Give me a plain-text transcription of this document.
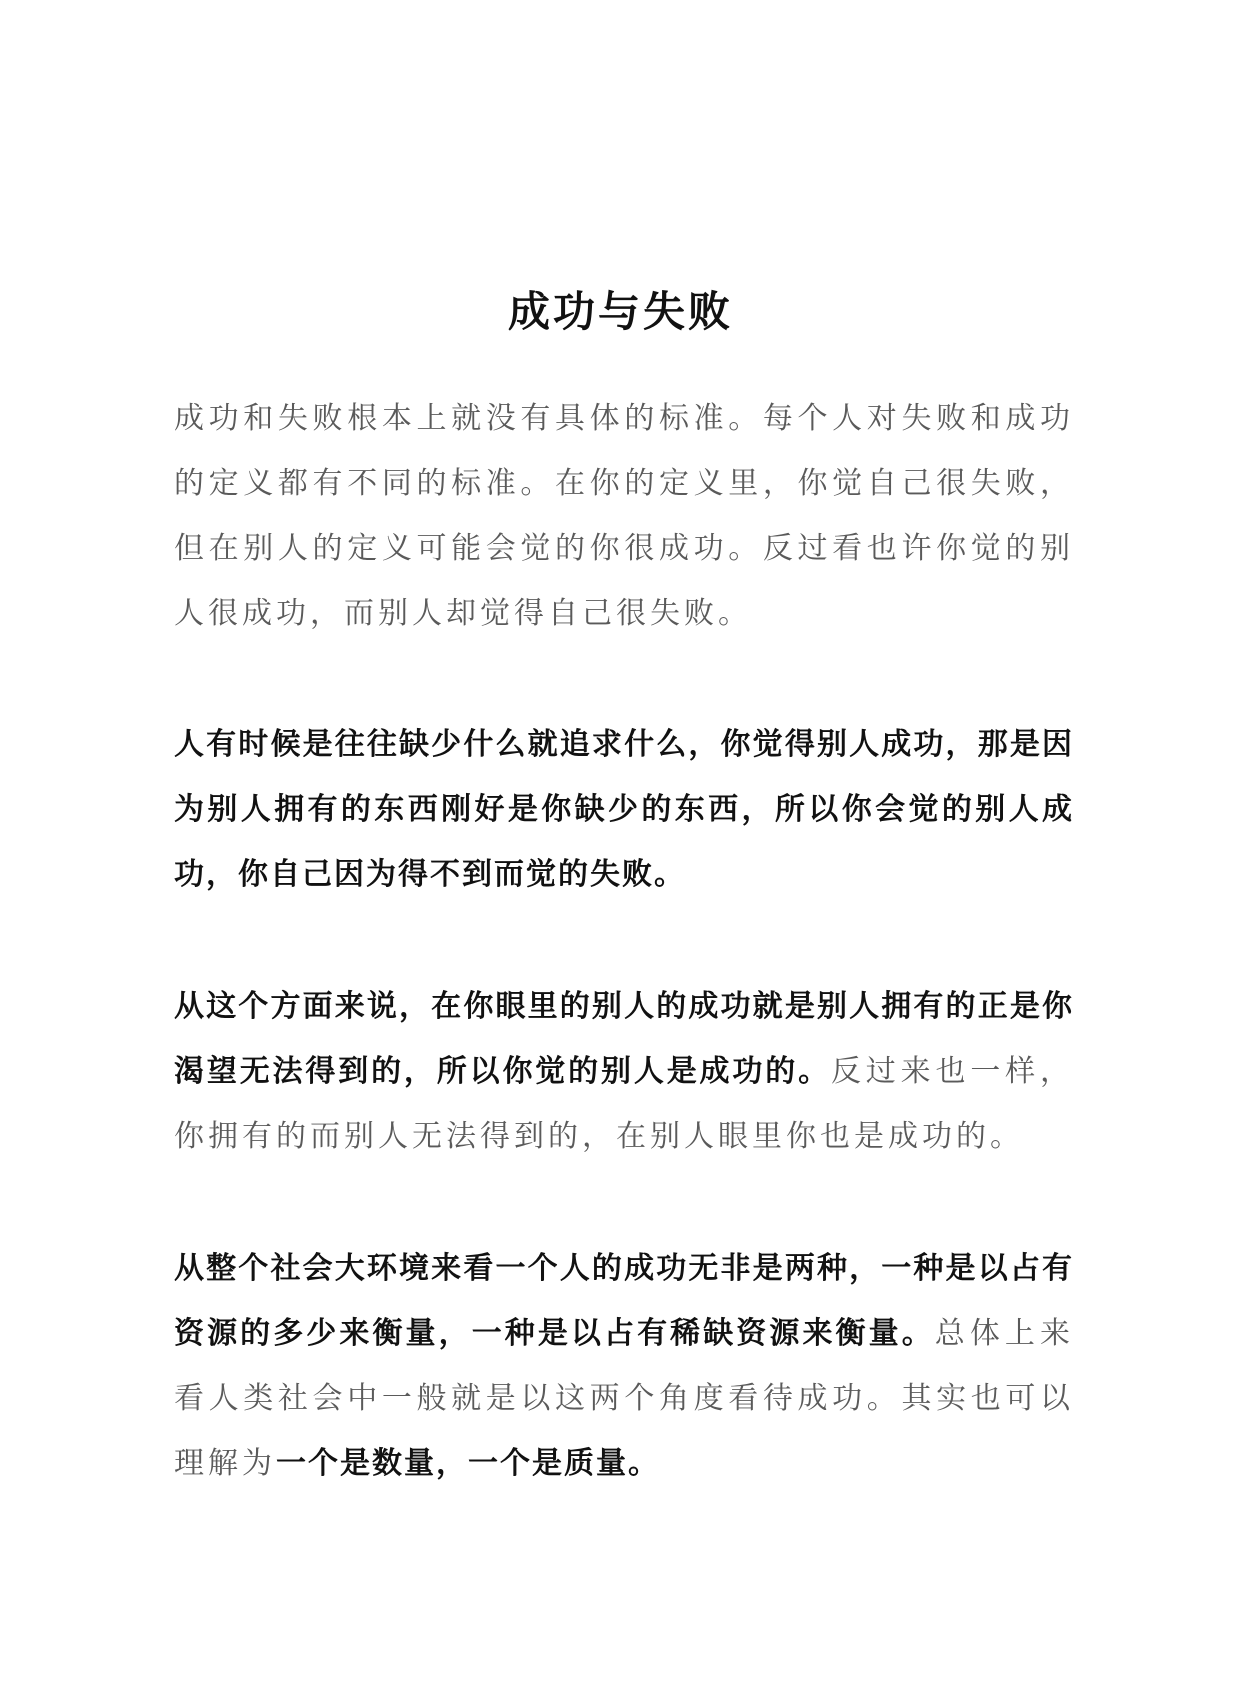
成功与失败

成功和失败根本上就没有具体的标准。每个人对失败和成功的定义都有不同的标准。在你的定义里，你觉自己很失败，但在别人的定义可能会觉的你很成功。反过看也许你觉的别人很成功，而别人却觉得自己很失败。

人有时候是往往缺少什么就追求什么，你觉得别人成功，那是因为别人拥有的东西刚好是你缺少的东西，所以你会觉的别人成功，你自己因为得不到而觉的失败。

从这个方面来说，在你眼里的别人的成功就是别人拥有的正是你渴望无法得到的，所以你觉的别人是成功的。反过来也一样，你拥有的而别人无法得到的，在别人眼里你也是成功的。

从整个社会大环境来看一个人的成功无非是两种，一种是以占有资源的多少来衡量，一种是以占有稀缺资源来衡量。总体上来看人类社会中一般就是以这两个角度看待成功。其实也可以理解为一个是数量，一个是质量。
